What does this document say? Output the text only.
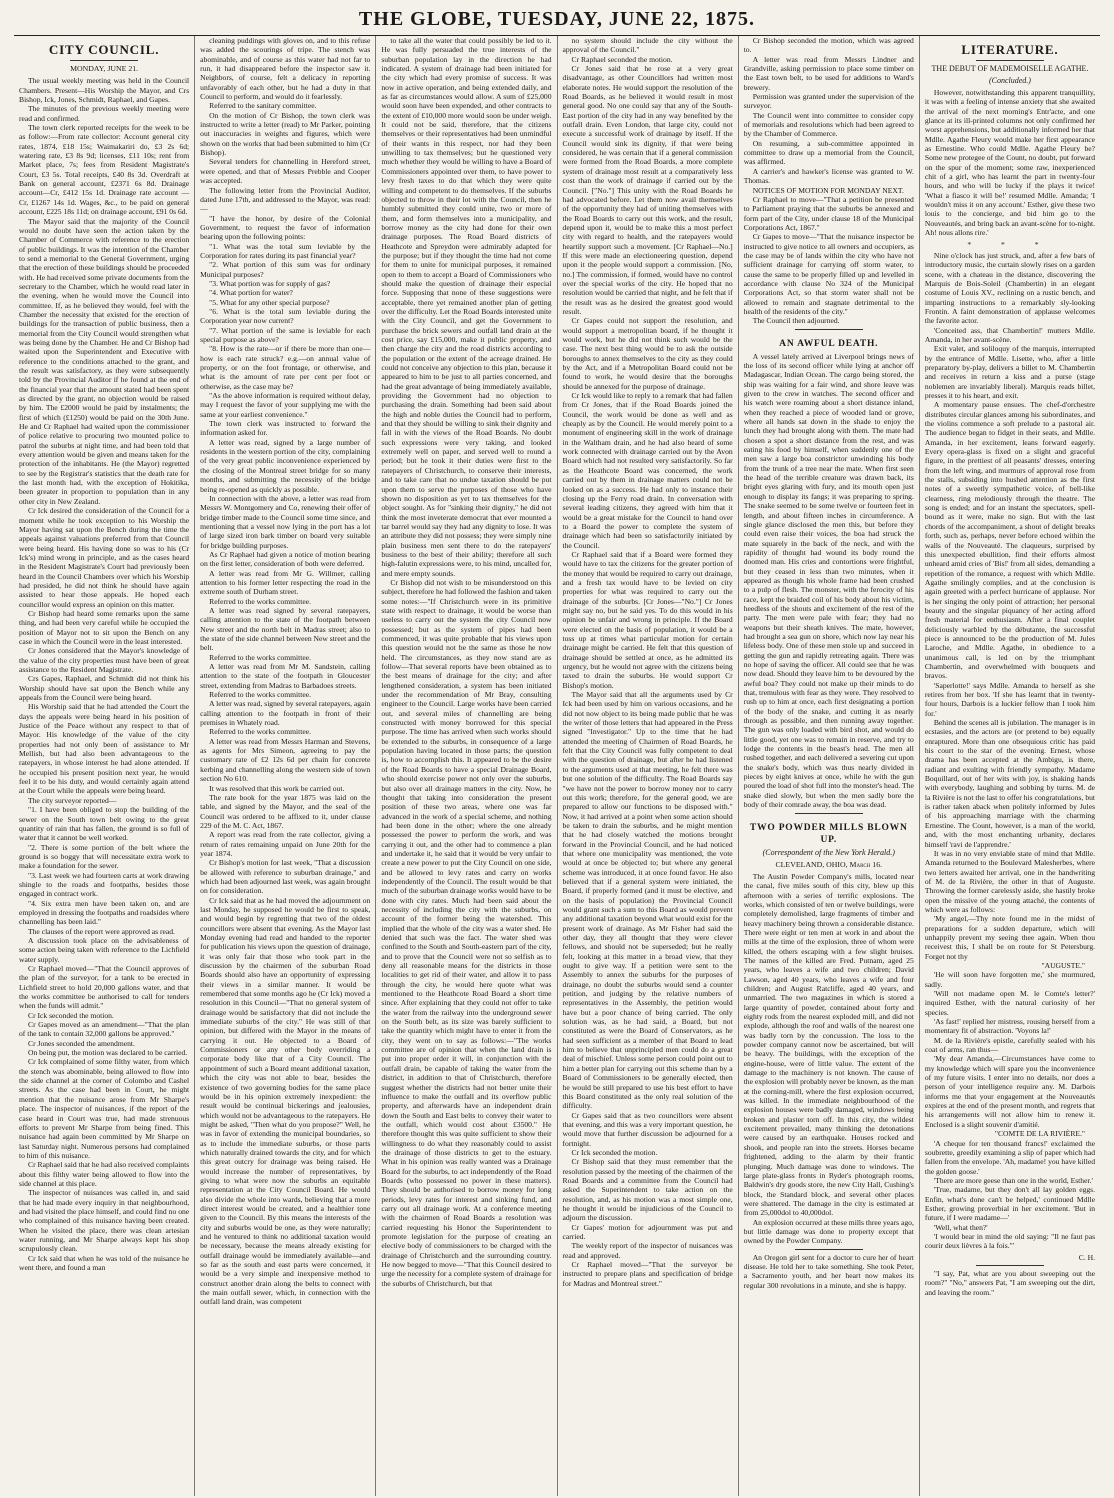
THE GLOBE, TUESDAY, JUNE 22, 1875.
CITY COUNCIL.
MONDAY, JUNE 21.

The usual weekly meeting was held in the Council Chambers. Present—His Worship the Mayor, and Crs Bishop, Ick, Jones, Schmidt, Raphael, and Gapes.

The minutes of the previous weekly meeting were read and confirmed.

The town clerk reported receipts for the week to be as follow:—From rate collector: Account general city rates, 1874, £18 15s; Waimakariri do, £3 2s 6d; watering rate, £3 8s 9d; licenses, £11 10s; rent from Market place, 7s; fees from Resident Magistrate's Court, £3 5s. Total receipts, £40 8s 3d. Overdraft at Bank on general account, £2371 6s 8d. Drainage account—Cr, £412 15s 1d. Drainage rate account — Cr, £1267 14s 1d. Wages, &c., to be paid on general account, £225 18s 11d; on drainage account, £91 0s 6d.

The Mayor said that the majority of the Council would no doubt have seen the action taken by the Chamber of Commerce with reference to the erection of public buildings. It was the intention of the Chamber to send a memorial to the General Government, urging that the erection of these buildings should be proceeded with. He had received some private documents from the secretary to the Chamber, which he would read later in the evening, when he would move the Council into committee. If, as he believed they would, feel with the Chamber the necessity that existed for the erection of buildings for the transaction of public business, then a memorial from the City Council would strengthen what was being done by the Chamber. He and Cr Bishop had waited upon the Superintendent and Executive with reference to the conditions attached to the grant, and the result was satisfactory, as they were subsequently told by the Provincial Auditor if he found at the end of the financial year that the amount stated had been spent as directed by the grant, no objection would be raised by him. The £2000 would be paid by instalments; the first of which (£1250) would be paid on the 30th June. He and Cr Raphael had waited upon the commissioner of police relative to procuring two mounted police to patrol the suburbs at night time, and had been told that every attention would be given and means taken for the protection of the inhabitants. He (the Mayor) regretted to see by the Registrar's statistics that the death rate for the last month had, with the exception of Hokitika, been greater in proportion to population than in any other city in New Zealand.

Cr Ick desired the consideration of the Council for a moment while he took exception to his Worship the Mayor having sat upon the Bench during the time the appeals against valuations preferred from that Council were being heard. His having done so was to his (Cr Ick's) mind wrong in principle, and as the cases heard in the Resident Magistrate's Court had previously been heard in the Council Chambers over which his Worship had presided, he did not think he should have again assisted to hear those appeals. He hoped each councillor would express an opinion on this matter.

Cr Bishop had heard some remarks upon the same thing, and had been very careful while he occupied the position of Mayor not to sit upon the Bench on any case in which the Council were in the least interested.

Cr Jones considered that the Mayor's knowledge of the value of the city properties must have been of great assistance to the Resident Magistrate.

Crs Gapes, Raphael, and Schmidt did not think his Worship should have sat upon the Bench while any appeals from the Council were being heard.

His Worship said that he had attended the Court the days the appeals were being heard in his position of Justice of the Peace without any respect to that of Mayor. His knowledge of the value of the city properties had not only been of assistance to Mr Mellish, but had also been advantageous to the ratepayers, in whose interest he had alone attended. If he occupied his present position next year, he would feel it to be his duty, and would certainly again attend at the Court while the appeals were being heard.

The city surveyor reported—

"1. I have been obliged to stop the building of the sewer on the South town belt owing to the great quantity of rain that has fallen, the ground is so full of water that it cannot be well worked.

"2. There is some portion of the belt where the ground is so boggy that will necessitate extra work to make a foundation for the sewer.

"3. Last week we had fourteen carts at work drawing shingle to the roads and footpaths, besides those engaged in contract work.

"4. Six extra men have been taken on, and are employed in dressing the footpaths and roadsides where channelling has been laid."

The clauses of the report were approved as read.

A discussion took place on the advisableness of some action being taken with reference to the Lichfield water supply.

Cr Raphael moved—"That the Council approves of the plan of the surveyor, for a tank to be erected in Lichfield street to hold 20,000 gallons water, and that the works committee be authorised to call for tenders when the funds will admit."

Cr Ick seconded the motion.

Cr Gapes moved as an amendment—"That the plan of the tank to contain 32,000 gallons be approved."

Cr Jones seconded the amendment.

On being put, the motion was declared to be carried.

Cr Ick complained of some filthy water, from which the stench was abominable, being allowed to flow into the side channel at the corner of Colombo and Cashel streets. As the case had been in Court, he might mention that the nuisance arose from Mr Sharpe's place. The inspector of nuisances, if the report of the case heard in Court was true, had made strenuous efforts to prevent Mr Sharpe from being fined. This nuisance had again been committed by Mr Sharpe on last Saturday night. Numerous persons had complained to him of this nuisance.

Cr Raphael said that he had also received complaints about this filthy water being allowed to flow into the side channel at this place.

The inspector of nuisances was called in, and said that he had made every inquiry in that neighbourhood, and had visited the place himself, and could find no one who complained of this nuisance having been created. When he visited the place, there was clean artesian water running, and Mr Sharpe always kept his shop scrupulously clean.

Cr Ick said that when he was told of the nuisance he went there, and found a man

cleaning puddings with gloves on, and to this refuse was added the scourings of tripe. The stench was abominable, and of course as this water had not far to run, it had disappeared before the inspector saw it. Neighbors, of course, felt a delicacy in reporting unfavorably of each other, but he had a duty in that Council to perform, and would do it fearlessly.

Referred to the sanitary committee.

On the motion of Cr Bishop, the town clerk was instructed to write a letter (read) to Mr Parker, pointing out inaccuracies in weights and figures, which were shown on the works that had been submitted to him (Cr Bishop).

Several tenders for channelling in Hereford street, were opened, and that of Messrs Prebble and Cooper was accepted.

The following letter from the Provincial Auditor, dated June 17th, and addressed to the Mayor, was read:—

"I have the honor, by desire of the Colonial Government, to request the favor of information bearing upon the following points:

"1. What was the total sum leviable by the Corporation for rates during its past financial year?

"2. What portion of this sum was for ordinary Municipal purposes?

"3. What portion was for supply of gas?

"4. What portion for water?

"5. What for any other special purpose?

"6. What is the total sum leviable during the Corporation year now current?

"7. What portion of the same is leviable for each special purpose as above?

"8. How is the rate—or if there be more than one—how is each rate struck? e.g.—on annual value of property, or on the foot frontage, or otherwise, and what is the amount of rate per cent per foot or otherwise, as the case may be?

"As the above information is required without delay, may I request the favor of your supplying me with the same at your earliest convenience."

The town clerk was instructed to forward the information asked for.

A letter was read, signed by a large number of residents in the western portion of the city, complaining of the very great public inconvenience experienced by the closing of the Montreal street bridge for so many months, and submitting the necessity of the bridge being re-opened as quickly as possible.

In connection with the above, a letter was read from Messrs W. Montgomery and Co, renewing their offer of bridge timber made to the Council some time since, and mentioning that a vessel now lying in the port has a lot of large sized iron bark timber on board very suitable for bridge building purposes.

As Cr Raphael had given a notice of motion bearing on the first letter, consideration of both were deferred.

A letter was read from Mr G. Willmer, calling attention to his former letter respecting the road in the extreme south of Durham street.

Referred to the works committee.

A letter was read signed by several ratepayers, calling attention to the state of the footpath between New street and the north belt in Madras street; also to the state of the side channel between New street and the belt.

Referred to the works committee.

A letter was read from Mr M. Sandstein, calling attention to the state of the footpath in Gloucester street, extending from Madras to Barbadoes streets.

Referred to the works committee.

A letter was read, signed by several ratepayers, again calling attention to the footpath in front of their premises in Whately road.

Referred to the works committee.

A letter was read from Messrs Harman and Stevens, as agents for Mrs Simeon, agreeing to pay the customary rate of £2 12s 6d per chain for concrete kerbing and channelling along the western side of town section No 610.

It was resolved that this work be carried out.

The rate book for the year 1875 was laid on the table, and signed by the Mayor, and the seal of the Council was ordered to be affixed to it, under clause 229 of the M. C. Act, 1867.

A report was read from the rate collector, giving a return of rates remaining unpaid on June 20th for the year 1874.

Cr Bishop's motion for last week, "That a discussion be allowed with reference to suburban drainage," and which had been adjourned last week, was again brought on for consideration.

Cr Ick said that as he had moved the adjournment on last Monday, he supposed he would be first to speak, and would begin by regretting that two of the oldest councillors were absent that evening. As the Mayor last Monday evening had read and handed to the reporter for publication his views upon the question of drainage, it was only fair that those who took part in the discussion by the chairmen of the suburban Road Boards should also have an opportunity of expressing their views in a similar manner. It would be remembered that some months ago he (Cr Ick) moved a resolution in this Council—"That no general system of drainage would be satisfactory that did not include the immediate suburbs of the city." He was still of that opinion, but differed with the Mayor in the means of carrying it out. He objected to a Board of Commissioners or any other body overriding a corporate body like that of a City Council. The appointment of such a Board meant additional taxation, which the city was not able to bear, besides the existence of two governing bodies for the same place would be in his opinion extremely inexpedient: the result would be continual bickerings and jealousies, which would not be advantageous to the ratepayers. He might be asked, "Then what do you propose?" Well, he was in favor of extending the municipal boundaries, so as to include the immediate suburbs, or those parts which naturally drained towards the city, and for which this great outcry for drainage was being raised. He would increase the number of representatives, by giving to what were now the suburbs an equitable representation at the City Council Board. He would also divide the whole into wards, believing that a more direct interest would be created, and a healthier tone given to the Council. By this means the interests of the city and suburbs would be one, as they were naturally; and he ventured to think no additional taxation would be necessary, because the means already existing for outfall drainage would be immediately available—and so far as the south and east parts were concerned, it would be a very simple and inexpensive method to construct another drain along the belts to connect with the main outfall sewer, which, in connection with the outfall land drain, was competent

to take all the water that could possibly be led to it. He was fully persuaded the true interests of the suburban population lay in the direction he had indicated. A system of drainage had been initiated for the city which had every promise of success. It was now in active operation, and being extended daily, and as far as circumstances would allow. A sum of £25,000 would soon have been expended, and other contracts to the extent of £10,000 more would soon be under weigh. It could not be said, therefore, that the citizens themselves or their representatives had been unmindful of their wants in this respect, nor had they been unwilling to tax themselves; but he questioned very much whether they would be willing to have a Board of Commissioners appointed over them, to have power to levy fresh taxes to do that which they were quite willing and competent to do themselves. If the suburbs objected to throw in their lot with the Council, then he humbly submitted they could unite, two or more of them, and form themselves into a municipality, and borrow money as the city had done for their own drainage purposes. The Road Board districts of Heathcote and Spreydon were admirably adapted for the purpose; but if they thought the time had not come for them to unite for municipal purposes, it remained open to them to accept a Board of Commissioners who should make the question of drainage their especial force. Supposing that none of these suggestions were acceptable, there yet remained another plan of getting over the difficulty. Let the Road Boards interested unite with the City Council, and get the Government to purchase the brick sewers and outfall land drain at the cost price, say £15,000, make it public property, and then charge the city and the road districts according to the population or the extent of the acreage drained. He could not conceive any objection to this plan, because it appeared to him to be just to all parties concerned, and had the great advantage of being immediately available, providing the Government had no objection to purchasing the drain. Something had been said about the high and noble duties the Council had to perform, and that they should be willing to sink their dignity and fall in with the views of the Road Boards. No doubt such expressions were very taking, and looked extremely well on paper, and served well to round a period; but he took it their duties were first to the ratepayers of Christchurch, to conserve their interests, and to take care that no undue taxation should be put upon them to serve the purposes of those who have shown no disposition as yet to tax themselves for the object sought. As for "sinking their dignity," he did not think the most inveterate democrat that ever mounted a tar barrel would say they had any dignity to lose. It was an attribute they did not possess; they were simply nine plain business men sent there to do the ratepayers' business to the best of their ability; therefore all such high-falutin expressions were, to his mind, uncalled for, and mere empty sounds.

Cr Bishop did not wish to be misunderstood on this subject, therefore he had followed the fashion and taken some notes:—"If Christchurch were in its primitive state with respect to drainage, it would be worse than useless to carry out the system the city Council now possessed; but as the system of pipes had been commenced, it was quite probable that his views upon this question would not be the same as those he now held. The circumstances, as they now stand are as follow—That several reports have been obtained as to the best means of drainage for the city; and after lengthened consideration, a system has been initiated under the recommendation of Mr Bray, consulting engineer to the Council. Large works have been carried out, and several miles of channelling are being constructed with money borrowed for this special purpose. The time has arrived when such works should be extended to the suburbs, in consequence of a large population having located in those parts; the question is, how to accomplish this. It appeared to be the desire of the Road Boards to have a special Drainage Board, who should exercise power not only over the suburbs, but also over all drainage matters in the city. Now, he thought that taking into consideration the present position of these two areas, where one was far advanced in the work of a special scheme, and nothing had been done in the other; where the one already possessed the power to perform the work, and was carrying it out, and the other had to commence a plan and undertake it, he said that it would be very unfair to create a new power to put the City Council on one side, and be allowed to levy rates and carry on works independently of the Council. The result would be that much of the suburban drainage works would have to be done with city rates. Much had been said about the necessity of including the city with the suburbs, on account of the former being the watershed. This implied that the whole of the city was a water shed. He denied that such was the fact. The water shed was confined to the South and South-eastern part of the city, and to prove that the Council were not so selfish as to deny all reasonable means for the districts in those localities to get rid of their water, and allow it to pass through the city, he would here quote what was mentioned to the Heathcote Road Board a short time since. After explaining that they could not offer to take the water from the railway into the underground sewer on the South belt, as its size was barely sufficient to take the quantity which might have to enter it from the city, they went on to say as follows:—"The works committee are of opinion that when the land drain is put into proper order it will, in conjunction with the outfall drain, be capable of taking the water from the district, in addition to that of Christchurch, therefore suggest whether the districts had not better unite their influence to make the outfall and its overflow public property, and afterwards have an independent drain down the South and East belts to convey their water to the outfall, which would cost about £3500." He therefore thought this was quite sufficient to show their willingness to do what they reasonably could to assist the drainage of those districts to get to the estuary. What in his opinion was really wanted was a Drainage Board for the suburbs, to act independently of the Road Boards (who possessed no power in these matters). They should be authorised to borrow money for long periods, levy rates for interest and sinking fund, and carry out all drainage work. At a conference meeting with the chairmen of Road Boards a resolution was carried requesting his Honor the Superintendent to promote legislation for the purpose of creating an elective body of commissioners to be charged with the drainage of Christchurch and the surrounding country. He now begged to move—"That this Council desired to urge the necessity for a complete system of drainage for the suburbs of Christchurch, but that

no system should include the city without the approval of the Council."

Cr Raphael seconded the motion.

Cr Jones said that he rose at a very great disadvantage, as other Councillors had written most elaborate notes. He would support the resolution of the Road Boards, as he believed it would result in most general good. No one could say that any of the South-East portion of the city had in any way benefited by the outfall drain. Even London, that large city, could not execute a successful work of drainage by itself. If the Council would sink its dignity, if that were being considered, he was certain that if a general commission were formed from the Road Boards, a more complete system of drainage most result at a comparatively less cost than the work of drainage if carried out by the Council. ["No."] This unity with the Road Boards he had advocated before. Let them now avail themselves of the opportunity they had of uniting themselves with the Road Boards to carry out this work, and the result, depend upon it, would be to make this a most perfect city with regard to health, and the ratepayers would heartily support such a movement. [Cr Raphael—No.] If this were made an electioneering question, depend upon it the people would support a commission. [No, no.] The commission, if formed, would have no control over the special works of the city. He hoped that no resolution would be carried that night, and he felt that if the result was as he desired the greatest good would result.

Cr Gapes could not support the resolution, and would support a metropolitan board, if he thought it would work, but he did not think such would be the case. The next best thing would be to ask the outside boroughs to annex themselves to the city as they could by the Act, and if a Metropolitan Board could not be found to work, he would desire that the boroughs should be annexed for the purpose of drainage.

Cr Ick would like to reply to a remark that had fallen from Cr Jones, that if the Road Boards joined the Council, the work would be done as well and as cheaply as by the Council. He would merely point to a monument of engineering skill in the work of drainage in the Waltham drain, and he had also heard of some work connected with drainage carried out by the Avon Board which had not resulted very satisfactorily. So far as the Heathcote Board was concerned, the work carried out by them in drainage matters could not be looked on as a success. He had only to instance their closing up the Ferry road drain. In conversation with several leading citizens, they agreed with him that it would be a great mistake for the Council to hand over to a Board the power to complete the system of drainage which had been so satisfactorily initiated by the Council.

Cr Raphael said that if a Board were formed they would have to tax the citizens for the greater portion of the money that would be required to carry out drainage, and a fresh tax would have to be levied on city properties for what was required to carry out the drainage of the suburbs. [Cr Jones—"No."] Cr Jones might say no, but he said yes. To do this would in his opinion be unfair and wrong in principle. If the Board were elected on the basis of population, it would be a toss up at times what particular motion for certain drainage might be carried. He felt that this question of drainage should be settled at once, as he admitted its urgency, but he would not agree with the citizens being taxed to drain the suburbs. He would support Cr Bishop's motion.

The Mayor said that all the arguments used by Cr Ick had been used by him on various occasions, and he did not now object to its being made public that he was the writer of those letters that had appeared in the Press signed "Investigator." Up to the time that he had attended the meeting of Chairmen of Road Boards, he felt that the City Council was fully competent to deal with the question of drainage, but after he had listened to the arguments used at that meeting, he felt there was but one solution of the difficulty. The Road Boards say "we have not the power to borrow money nor to carry out this work; therefore, for the general good, we are prepared to allow our functions to be disposed with." Now, it had arrived at a point when some action should be taken to drain the suburbs, and he might mention that he had closely watched the motions brought forward in the Provincial Council, and he had noticed that where one municipality was mentioned, the vote would at once be objected to; but where any general scheme was introduced, it at once found favor. He also believed that if a general system were initiated, the Board, if properly formed (and it must be elective, and on the basis of population) the Provincial Council would grant such a sum to this Board as would prevent any additional taxation beyond what would exist for the present work of drainage. As Mr Fisher had said the other day, they all thought that they were clever fellows, and should not be superseded; but he really felt, looking at this matter in a broad view, that they ought to give way. If a petition were sent to the Assembly to annex the suburbs for the purposes of drainage, no doubt the suburbs would send a counter petition, and judging by the relative numbers of representatives in the Assembly, the petition would have but a poor chance of being carried. The only solution was, as he had said, a Board, but not constituted as were the Board of Conservators, as he had seen sufficient as a member of that Board to lead him to believe that unprincipled men could do a great deal of mischief. Unless some person could point out to him a better plan for carrying out this scheme than by a Board of Commissioners to be generally elected, then he would be still prepared to use his best effort to have this Board constituted as the only real solution of the difficulty.

Cr Gapes said that as two councillors were absent that evening, and this was a very important question, he would move that further discussion be adjourned for a fortnight.

Cr Ick seconded the motion.

Cr Bishop said that they must remember that the resolution passed by the meeting of the chairmen of the Road Boards and a committee from the Council had asked the Superintendent to take action on the resolution, and, as his motion was a most simple one, he thought it would be injudicious of the Council to adjourn the discussion.

Cr Gapes' motion for adjournment was put and carried.

The weekly report of the inspector of nuisances was read and approved.

Cr Raphael moved—"That the surveyor be instructed to prepare plans and specification of bridge for Madras and Montreal street."

Cr Bishop seconded the motion, which was agreed to.

A letter was read from Messrs Lindner and Grandville, asking permission to place some timber on the East town belt, to be used for additions to Ward's brewery.

Permission was granted under the supervision of the surveyor.

The Council went into committee to consider copy of memorials and resolutions which had been agreed to by the Chamber of Commerce.

On resuming, a sub-committee appointed in committee to draw up a memorial from the Council, was affirmed.

A carrier's and hawker's license was granted to W. Thomas.

NOTICES OF MOTION FOR MONDAY NEXT.

Cr Raphael to move—"That a petition be presented to Parliament praying that the suburbs be annexed and form part of the City, under clause 18 of the Municipal Corporations Act, 1867."

Cr Gapes to move—"That the nuisance inspector be instructed to give notice to all owners and occupiers, as the case may be of lands within the city who have not sufficient drainage for carrying off storm water, to cause the same to be properly filled up and levelled in accordance with clause No 324 of the Municipal Corporations Act, so that storm water shall not be allowed to remain and stagnate detrimental to the health of the residents of the city."

The Council then adjourned.

AN AWFUL DEATH.

A vessel lately arrived at Liverpool brings news of the loss of its second officer while lying at anchor off Madagascar, Indian Ocean. The cargo being stored, the ship was waiting for a fair wind, and shore leave was given to the crew in watches. The second officer and his watch were roaming about a short distance inland, when they reached a piece of wooded land or grove, where all hands sat down in the shade to enjoy the lunch they had brought along with them. The mate had chosen a spot a short distance from the rest, and was eating his food by himself, when suddenly one of the men saw a large boa constrictor unwinding his body from the trunk of a tree near the mate. When first seen the head of the terrible creature was drawn back, its bright eyes glaring with fury, and its mouth open just enough to display its fangs; it was preparing to spring. The snake seemed to be some twelve or fourteen feet in length, and about fifteen inches in circumference. A single glance disclosed the men this, but before they could even raise their voices, the boa had struck the mate squarely in the back of the neck, and with the rapidity of thought had wound its body round the doomed man. His cries and contortions were frightful, but they ceased in less than two minutes, when it appeared as though his whole frame had been crushed to a pulp of flesh. The monster, with the ferocity of his race, kept the braided coil of his body about his victim, heedless of the shouts and excitement of the rest of the party. The men were pale with fear; they had no weapons but their sheath knives. The mate, however, had brought a sea gun on shore, which now lay near his lifeless body. One of these men stole up and succeed in getting the gun and rapidly retreating again. There was no hope of saving the officer. All could see that he was now dead. Should they leave him to be devoured by the awful boa? They could not make up their minds to do that, tremulous with fear as they were. They resolved to rush up to him at once, each first designating a portion of the body of the snake, and cutting it as nearly through as possible, and then running away together. The gun was only loaded with bird shot, and would do little good, yet one was to remain in reserve, and try to lodge the contents in the beast's head. The men all rushed together, and each delivered a severing cut upon the snake's body, which was thus nearly divided in pieces by eight knives at once, while he with the gun poured the load of shot full into the monster's head. The snake died slowly, but when the men sadly bore the body of their comrade away, the boa was dead.

TWO POWDER MILLS BLOWN UP.
(Correspondent of the New York Herald.)
CLEVELAND, OHIO, March 16.

The Austin Powder Company's mills, located near the canal, five miles south of this city, blew up this afternoon with a series of terrific explosions. The works, which consisted of ten or twelve buildings, were completely demolished, large fragments of timber and heavy machinery being thrown a considerable distance. There were eight or ten men at work in and about the mills at the time of the explosion, three of whom were killed, the others escaping with a few slight bruises. The names of the killed are Fred. Putnam, aged 25 years, who leaves a wife and two children; David Lawson, aged 40 years, who leaves a wife and four children; and August Ratcliffe, aged 40 years, and unmarried. The two magazines in which is stored a large quantity of powder, contained about forty and eighty rods from the nearest exploded mill, and did not explode, although the roof and walls of the nearest one was badly torn by the concussion. The loss to the powder company cannot now be ascertained, but will be heavy. The buildings, with the exception of the engine-house, were of little value. The extent of the damage to the machinery is not known. The cause of the explosion will probably never be known, as the man at the corning-mill, where the first explosion occurred, was killed. In the immediate neighbourhood of the explosion houses were badly damaged, windows being broken and plaster torn off. In this city, the wildest excitement prevailed, many thinking the detonations were caused by an earthquake. Houses rocked and shook, and people ran into the streets. Horses became frightened, adding to the alarm by their frantic plunging. Much damage was done to windows. The large plate-glass fronts in Ryder's photograph rooms, Baldwin's dry goods store, the new City Hall, Cushing's block, the Standard block, and several other places were shattered. The damage in the city is estimated at from 25,000dol to 40,000dol.

An explosion occurred at these mills three years ago, but little damage was done to property except that owned by the Powder Company.

An Oregon girl sent for a doctor to cure her of heart disease. He told her to take something. She took Peter, a Sacramento youth, and her heart now makes its regular 300 revolutions in a minute, and she is happy.

LITERATURE.
THE DEBUT OF MADEMOISELLE AGATHE.
(Concluded.)

However, notwithstanding this apparent tranquillity, it was with a feeling of intense anxiety that she awaited the arrival of the next morning's Entr'acte, and one glance at its ill-printed columns not only confirmed her worst apprehensions, but additionally informed her that Mdlle. Agathe Fleury would make her first appearance as Ernestine. Who could Mdlle. Agathe Fleury be? Some new protegee of the Count, no doubt, put forward on the spur of the moment; some raw, inexperienced chit of a girl, who has learnt the part in twenty-four hours, and who will be lucky if the plays it twice! 'What a fiasco it will be!' resumed Mdlle. Amanda; 'I wouldn't miss it on any account.' Esther, give these two louis to the concierge, and bid him go to the Nouveautés, and bring back an avant-scène for to-night. Ah! nous allons rire.'

* * *

Nine o'clock has just struck, and, after a few bars of introductory music, the curtain slowly rises on a garden scene, with a chateau in the distance, discovering the Marquis de Bois-Soleil (Chambertin) in an elegant costume of Louis XV., reclining on a rustic bench, and imparting instructions to a remarkably sly-looking Frontin. A faint demonstration of applause welcomes the favorite actor.

'Conceited ass, that Chambertin!' mutters Mdlle. Amanda, in her avant-scène.

Exit valet, and soliloquy of the marquis, interrupted by the entrance of Mdlle. Lisette, who, after a little preparatory by-play, delivers a billet to M. Chambertin and receives in return a kiss and a purse (stage noblemen are invariably liberal). Marquis reads billet, presses it to his heart, and exit.

A momentary pause ensues. The chef-d'orchestre distributes circular glances among his subordinates, and the violins commence a soft prelude to a pastoral air. The audience began to fidget in their seats, and Mdlle. Amanda, in her excitement, leans forward eagerly. Every opera-glass is fixed on a slight and graceful figure, in the prettiest of all peasants' dresses, entering from the left wing, and murmurs of approval rose from the stalls, subsiding into hushed attention as the first notes of a sweetly sympathetic voice, of bell-like clearness, ring melodiously through the theatre. The song is ended; and for an instant the spectators, spell-bound as it were, make no sign. But with the last chords of the accompaniment, a shout of delight breaks forth, such as, perhaps, never before echoed within the walls of the Nouveauté. The claqueurs, surprised by this unexpected ebullition, find their efforts almost unheard amid cries of 'Bis!' from all sides, demanding a repetition of the romance, a request with which Mdlle. Agathe smilingly complies, and at the conclusion is again greeted with a perfect hurricane of applause. Nor is her singing the only point of attraction; her personal beauty and the singular piquancy of her acting afford fresh material for enthusiasm. After a final couplet deliciously warbled by the débutante, the successful piece is announced to be the production of M. Jules Laroche, and Mdlle. Agathe, in obedience to a unanimous call, is led on by the triumphant Chambertin, and overwhelmed with bouquets and bravos.

'Saperlotte!' says Mdlle. Amanda to herself as she retires from her box. 'If she has learnt that in twenty-four hours, Darbois is a luckier fellow than I took him for.'

Behind the scenes all is jubilation. The manager is in ecstasies, and the actors are (or pretend to be) equally enraptured. More than one obsequious critic has paid his court to the star of the evening. Ernest, whose drama has been accepted at the Ambigu, is there, radiant and exulting with friendly sympathy. Madame Boquillard, out of her wits with joy, is shaking hands with everybody, laughing and sobbing by turns. M. de la Rivière is not the last to offer his congratulations, but is rather taken aback when politely informed by Jules of his approaching marriage with the charming Ernestine. The Count, however, is a man of the world, and, with the most enchanting urbanity, declares himself 'ravi de l'apprendre.'

It was in no very enviable state of mind that Mdlle. Amanda returned to the Boulevard Malesherbes, where two letters awaited her arrival, one in the handwriting of M. de la Rivière, the other in that of Auguste. Throwing the former carelessly aside, she hastily broke open the missive of the young attaché, the contents of which were as follows:

'My angel,—Thy note found me in the midst of preparations for a sudden departure, which will unhappily prevent my seeing thee again. When thou receivest this, I shall be on route for St Petersburg. Forget not thy

"AUGUSTE."

'He will soon have forgotten me,' she murmured, sadly.

'Will not madame open M. le Comte's letter?' inquired Esther, with the natural curiosity of her species.

'As fast!' replied her mistress, rousing herself from a momentary fit of abstraction. 'Voyons la!'

M. de la Rivière's epistle, carefully sealed with his coat of arms, ran thus—

'My dear Amanda,—Circumstances have come to my knowledge which will spare you the inconvenience of my future visits. I enter into no details, nor does a person of your intelligence require any. M. Darbois informs me that your engagement at the Nouveautés expires at the end of the present month, and regrets that his arrangements will not allow him to renew it. Enclosed is a slight souvenir d'amitié.

"COMTE DE LA RIVIÈRE."

'A cheque for ten thousand francs!' exclaimed the soubrette, greedily examining a slip of paper which had fallen from the envelope. 'Ah, madame! you have killed the golden goose.'

'There are more geese than one in the world, Esther.'

'True, madame, but they don't all lay golden eggs. Enfin, what's done can't be helped,' continued Mdlle Esther, growing proverbial in her excitement. 'But in future, if I were madame—'

'Well, what then?'

'I would bear in mind the old saying: "Il ne faut pas courir deux lièvres à la fois."'

C. H.

"I say, Pat, what are you about sweeping out the room?" "No," answers Pat, "I am sweeping out the dirt, and leaving the room."
